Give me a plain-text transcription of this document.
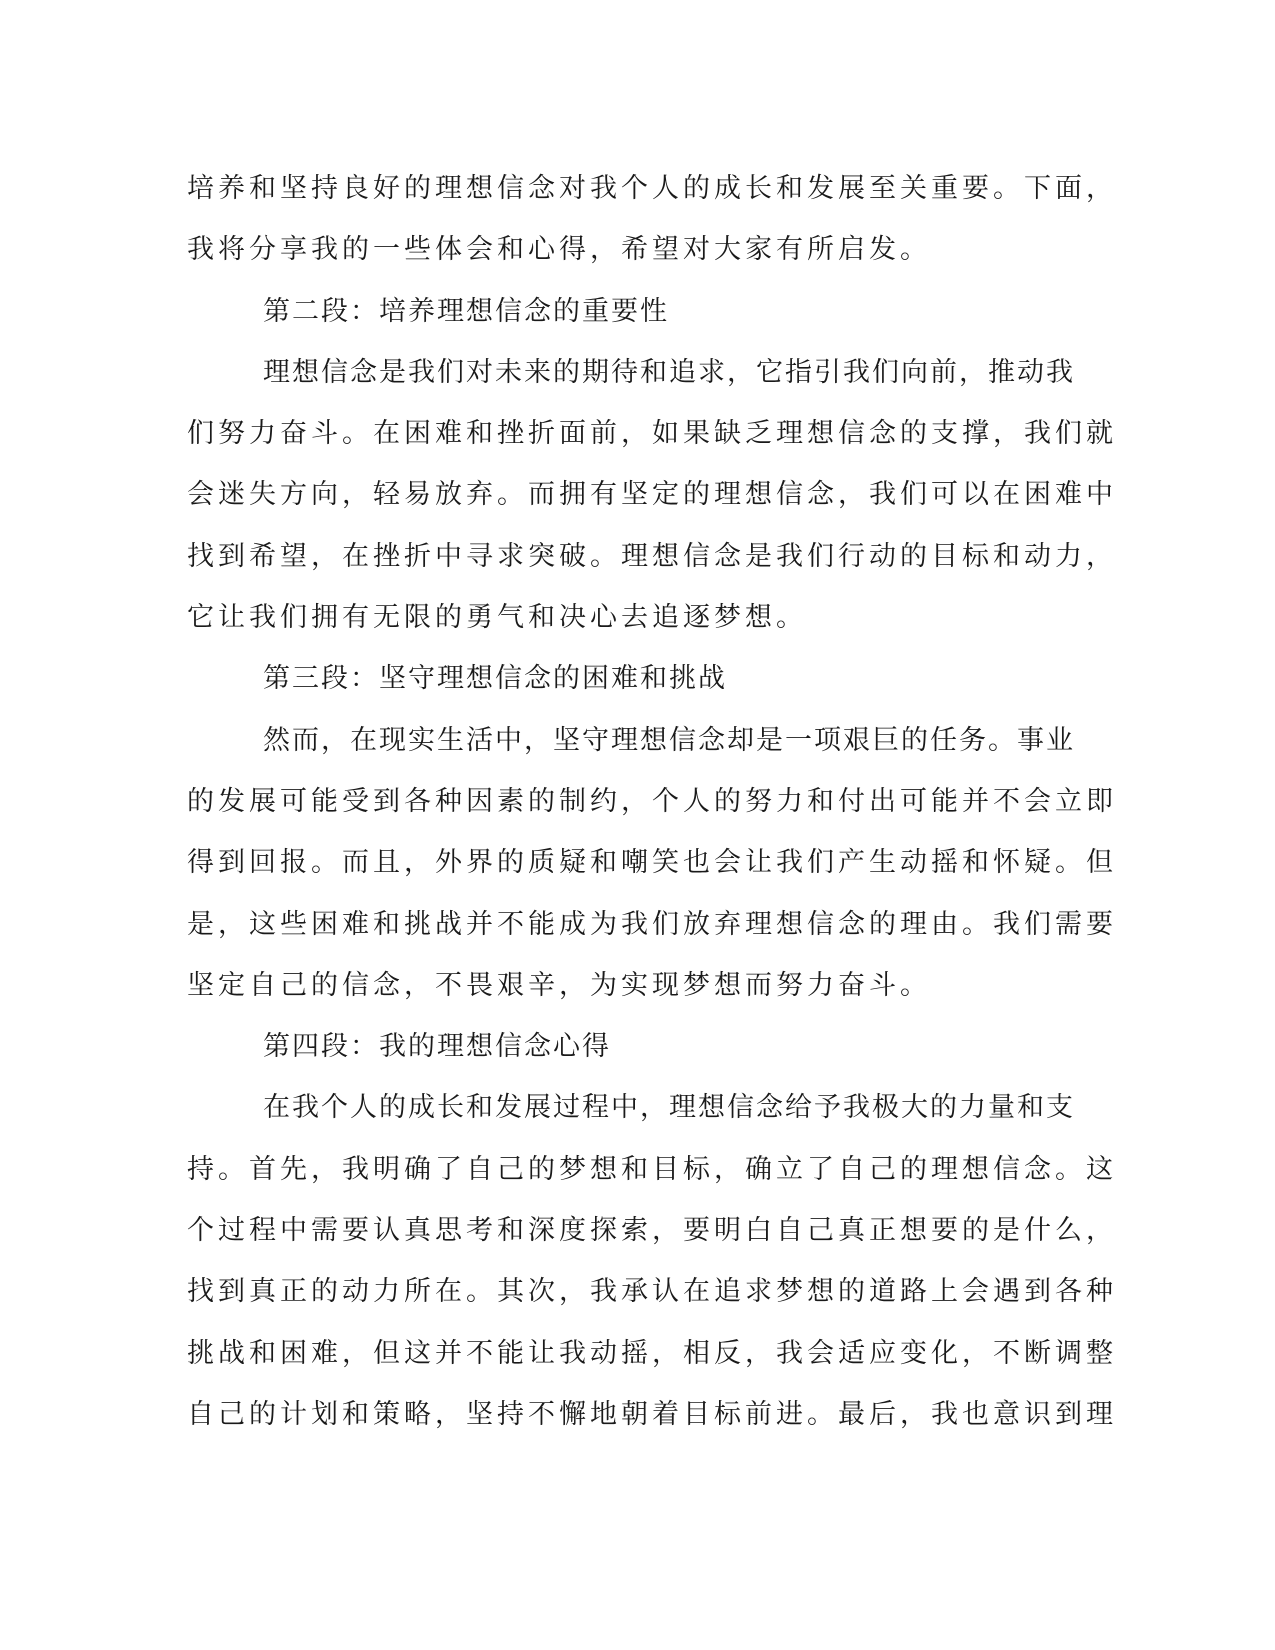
培养和坚持良好的理想信念对我个人的成长和发展至关重要。下面，
我将分享我的一些体会和心得，希望对大家有所启发。
第二段：培养理想信念的重要性
理想信念是我们对未来的期待和追求，它指引我们向前，推动我
们努力奋斗。在困难和挫折面前，如果缺乏理想信念的支撑，我们就
会迷失方向，轻易放弃。而拥有坚定的理想信念，我们可以在困难中
找到希望，在挫折中寻求突破。理想信念是我们行动的目标和动力，
它让我们拥有无限的勇气和决心去追逐梦想。
第三段：坚守理想信念的困难和挑战
然而，在现实生活中，坚守理想信念却是一项艰巨的任务。事业
的发展可能受到各种因素的制约，个人的努力和付出可能并不会立即
得到回报。而且，外界的质疑和嘲笑也会让我们产生动摇和怀疑。但
是，这些困难和挑战并不能成为我们放弃理想信念的理由。我们需要
坚定自己的信念，不畏艰辛，为实现梦想而努力奋斗。
第四段：我的理想信念心得
在我个人的成长和发展过程中，理想信念给予我极大的力量和支
持。首先，我明确了自己的梦想和目标，确立了自己的理想信念。这
个过程中需要认真思考和深度探索，要明白自己真正想要的是什么，
找到真正的动力所在。其次，我承认在追求梦想的道路上会遇到各种
挑战和困难，但这并不能让我动摇，相反，我会适应变化，不断调整
自己的计划和策略，坚持不懈地朝着目标前进。最后，我也意识到理
